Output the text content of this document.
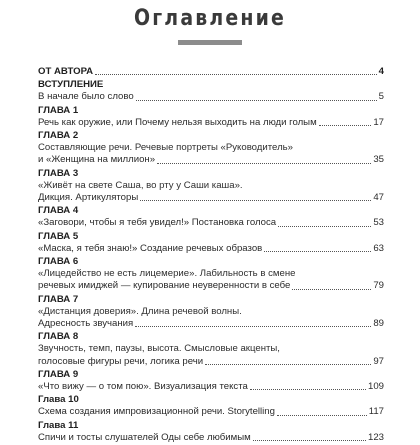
Оглавление
ОТ АВТОРА	4
ВСТУПЛЕНИЕ
В начале было слово	5
ГЛАВА 1
Речь как оружие, или Почему нельзя выходить на люди голым	17
ГЛАВА 2
Составляющие речи. Речевые портреты «Руководитель»
и «Женщина на миллион»	35
ГЛАВА 3
«Живёт на свете Саша, во рту у Саши каша».
Дикция. Артикуляторы	47
ГЛАВА 4
«Заговори, чтобы я тебя увидел!» Постановка голоса	53
ГЛАВА 5
«Маска, я тебя знаю!» Создание речевых образов	63
ГЛАВА 6
«Лицедейство не есть лицемерие». Лабильность в смене
речевых имиджей — купирование неуверенности в себе	79
ГЛАВА 7
«Дистанция доверия». Длина речевой волны.
Адресность звучания	89
ГЛАВА 8
Звучность, темп, паузы, высота. Смысловые акценты,
голосовые фигуры речи, логика речи	97
ГЛАВА 9
«Что вижу — о том пою». Визуализация текста	109
Глава 10
Схема создания импровизационной речи. Storytelling	117
Глава 11
Спичи и тосты слушателей Оды себе любимым	123
